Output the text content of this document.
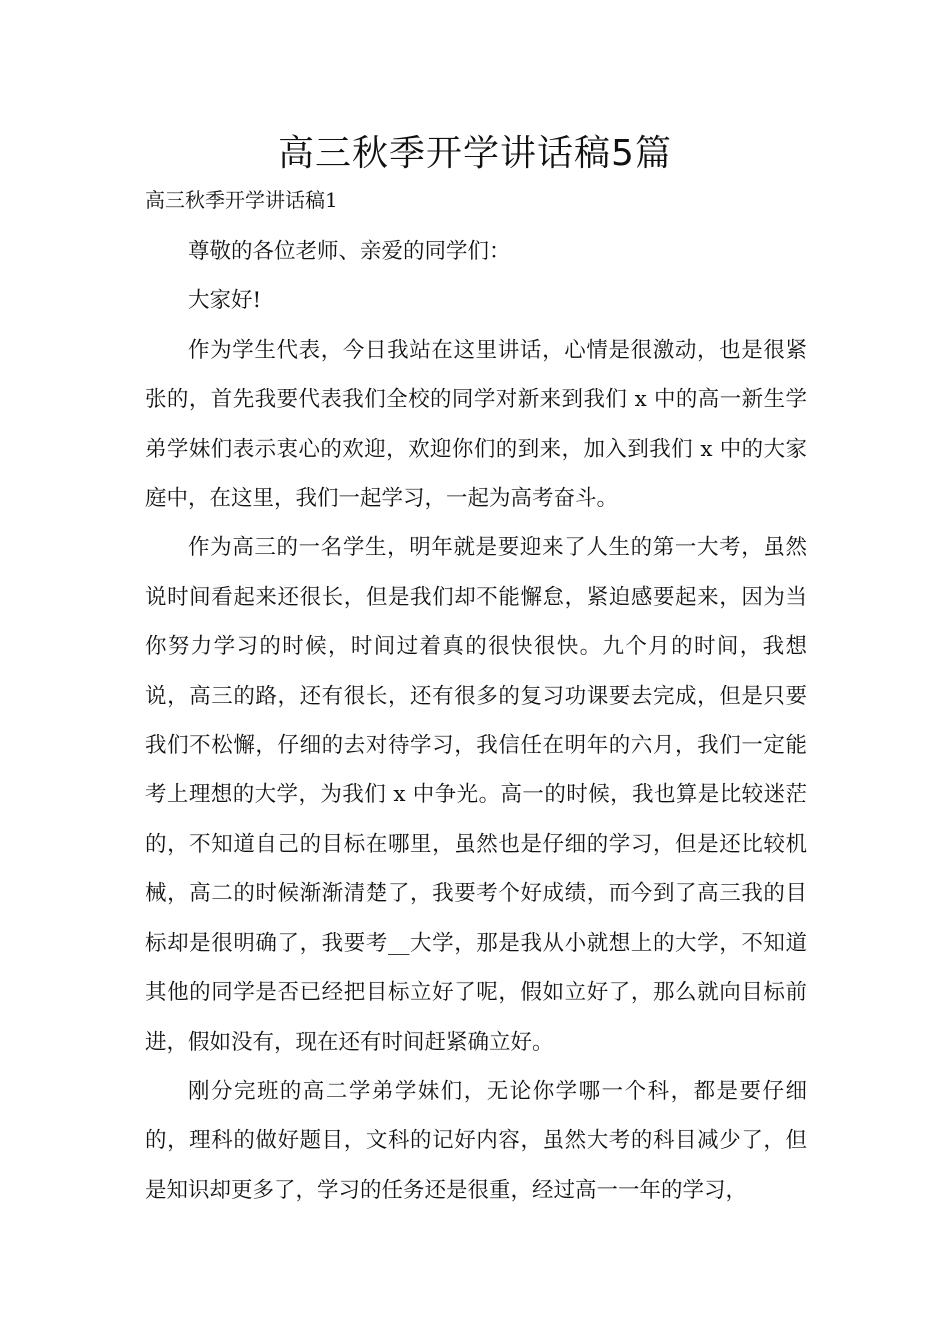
高三秋季开学讲话稿5篇
高三秋季开学讲话稿1

尊敬的各位老师、亲爱的同学们：

大家好!

作为学生代表，今日我站在这里讲话，心情是很激动，也是很紧张的，首先我要代表我们全校的同学对新来到我们 x 中的高一新生学弟学妹们表示衷心的欢迎，欢迎你们的到来，加入到我们 x 中的大家庭中，在这里，我们一起学习，一起为高考奋斗。

作为高三的一名学生，明年就是要迎来了人生的第一大考，虽然说时间看起来还很长，但是我们却不能懈怠，紧迫感要起来，因为当你努力学习的时候，时间过着真的很快很快。九个月的时间，我想说，高三的路，还有很长，还有很多的复习功课要去完成，但是只要我们不松懈，仔细的去对待学习，我信任在明年的六月，我们一定能考上理想的大学，为我们 x 中争光。高一的时候，我也算是比较迷茫的，不知道自己的目标在哪里，虽然也是仔细的学习，但是还比较机械，高二的时候渐渐清楚了，我要考个好成绩，而今到了高三我的目标却是很明确了，我要考__大学，那是我从小就想上的大学，不知道其他的同学是否已经把目标立好了呢，假如立好了，那么就向目标前进，假如没有，现在还有时间赶紧确立好。

刚分完班的高二学弟学妹们，无论你学哪一个科，都是要仔细的，理科的做好题目，文科的记好内容，虽然大考的科目减少了，但是知识却更多了，学习的任务还是很重，经过高一一年的学习，
